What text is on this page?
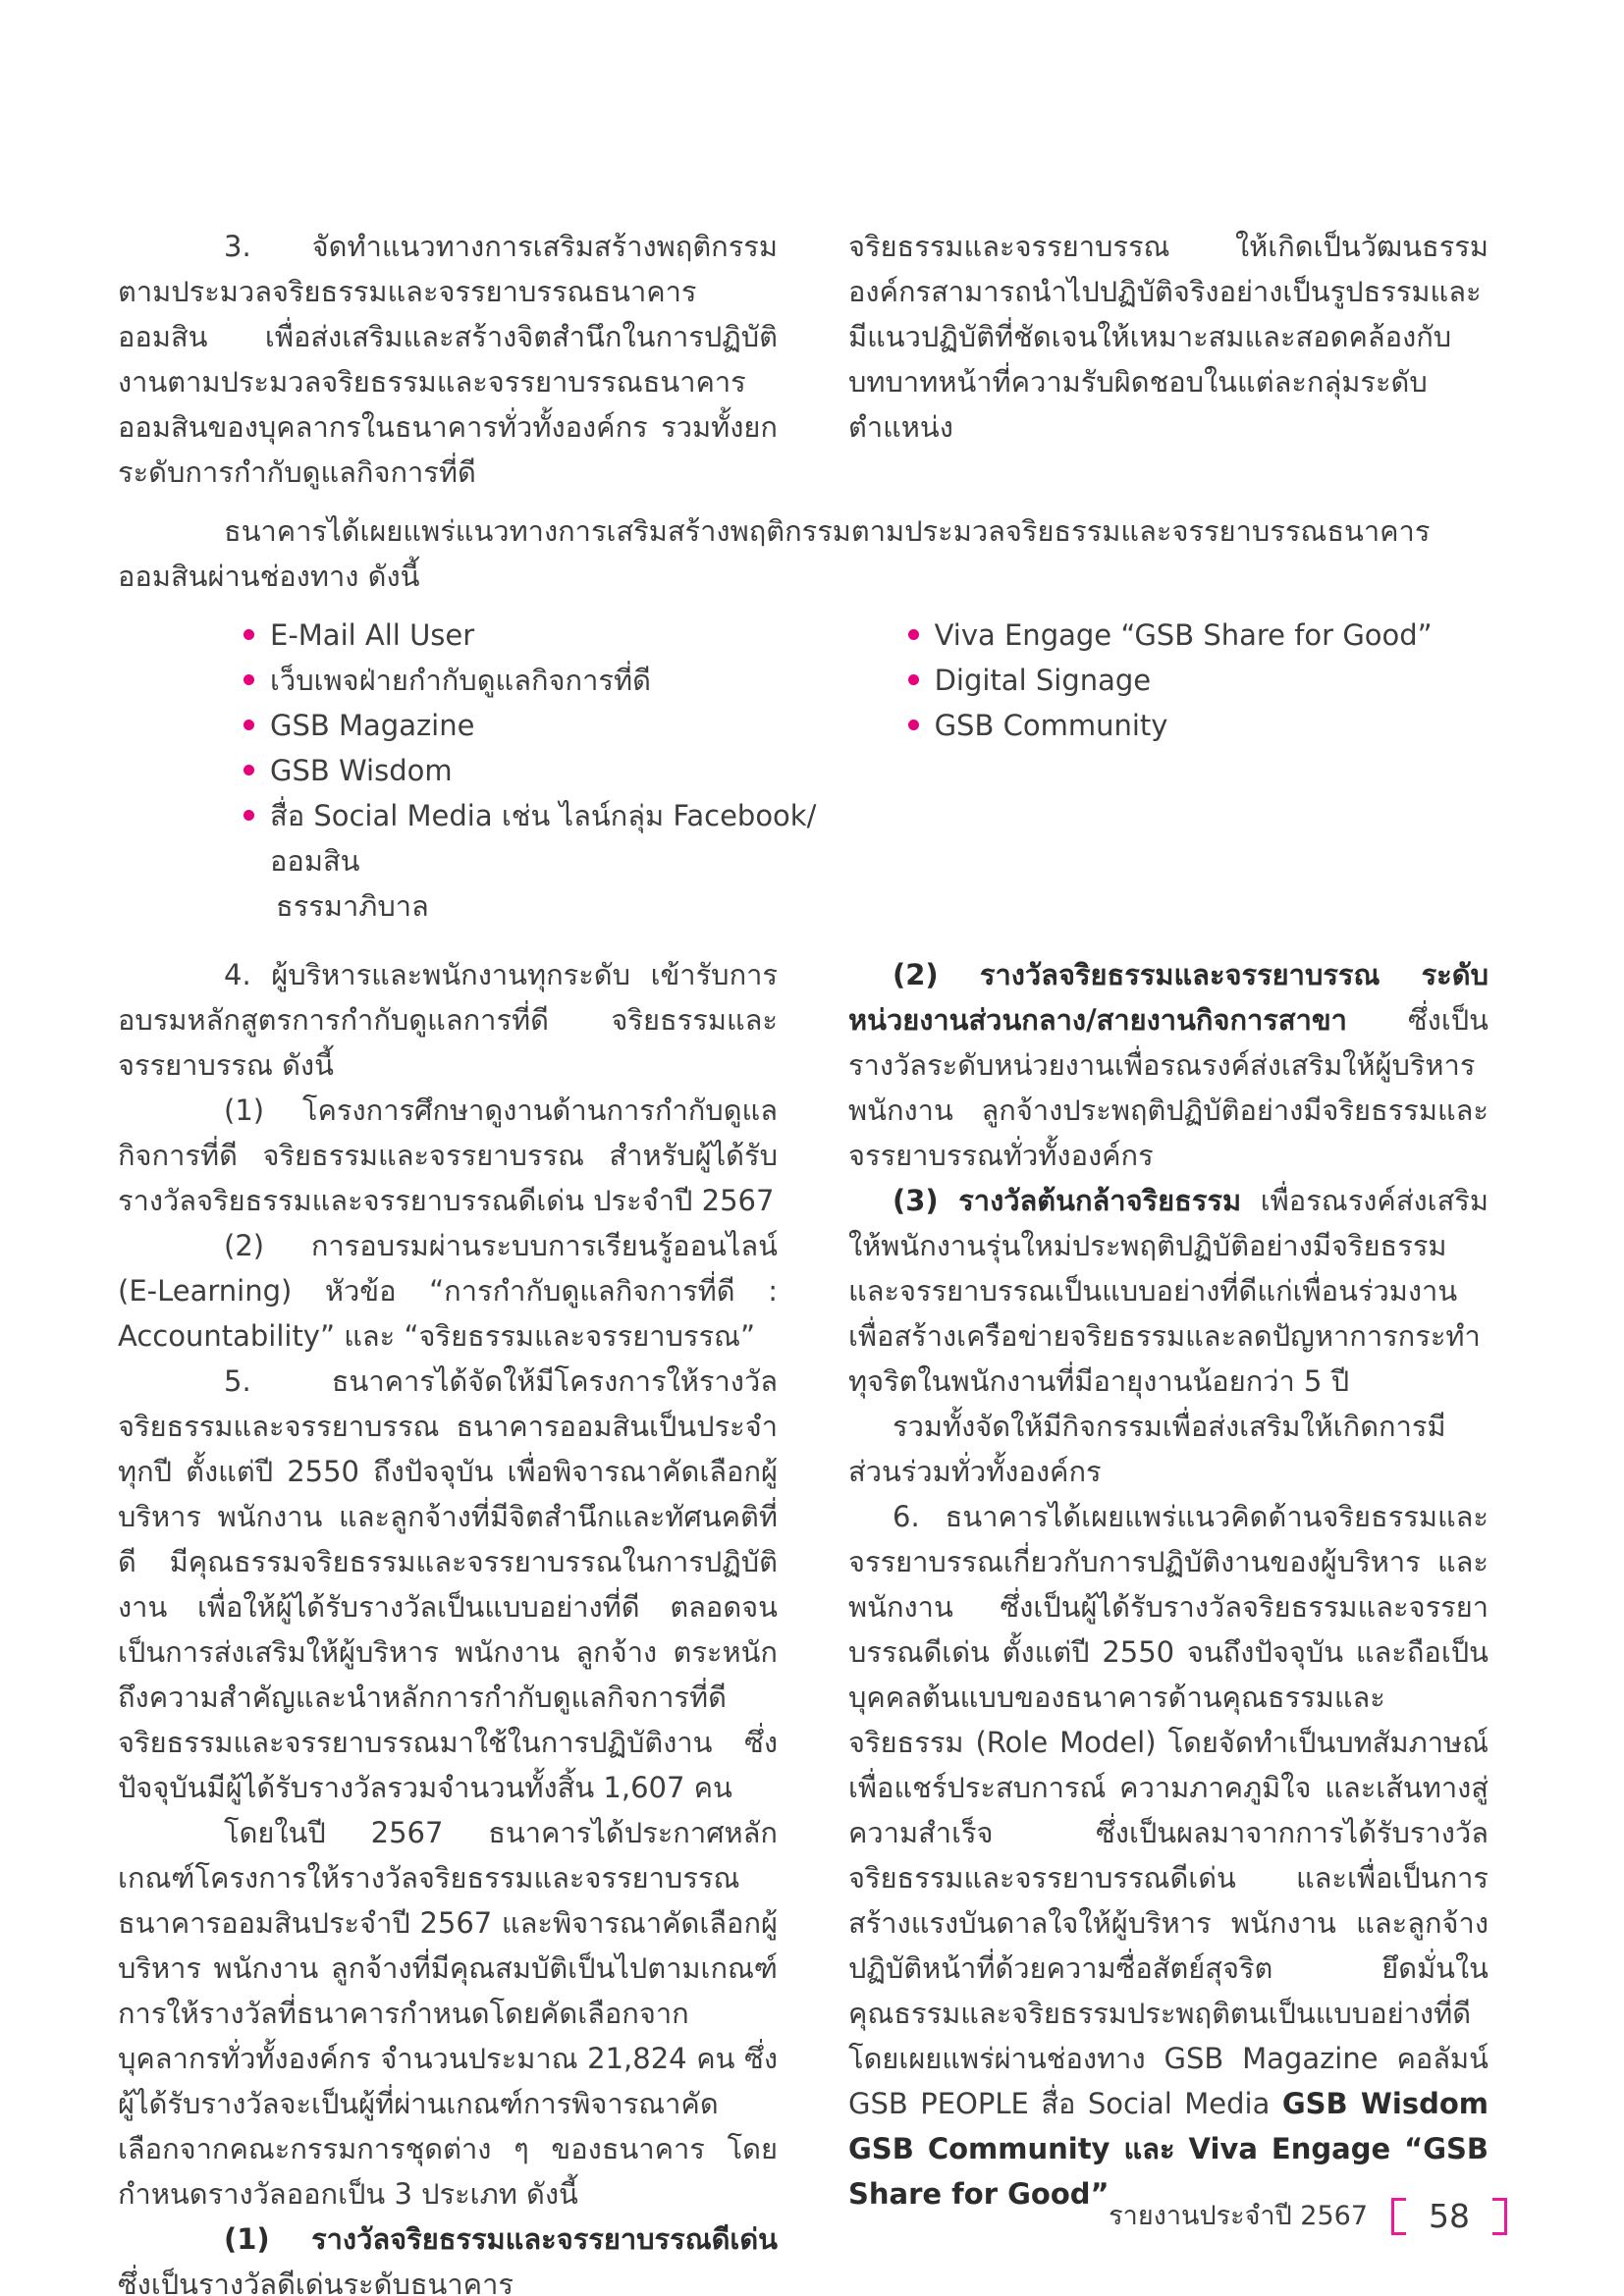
3. จัดทำแนวทางการเสริมสร้างพฤติกรรมตามประมวลจริยธรรมและจรรยาบรรณธนาคารออมสิน เพื่อส่งเสริมและสร้างจิตสำนึกในการปฏิบัติงานตามประมวลจริยธรรมและจรรยาบรรณธนาคารออมสินของบุคลากรในธนาคารทั่วทั้งองค์กร รวมทั้งยกระดับการกำกับดูแลกิจการที่ดี

จริยธรรมและจรรยาบรรณ ให้เกิดเป็นวัฒนธรรมองค์กรสามารถนำไปปฏิบัติจริงอย่างเป็นรูปธรรมและมีแนวปฏิบัติที่ชัดเจนให้เหมาะสมและสอดคล้องกับบทบาทหน้าที่ความรับผิดชอบในแต่ละกลุ่มระดับตำแหน่ง

ธนาคารได้เผยแพร่แนวทางการเสริมสร้างพฤติกรรมตามประมวลจริยธรรมและจรรยาบรรณธนาคารออมสินผ่านช่องทาง ดังนี้

E-Mail All User
เว็บเพจฝ่ายกำกับดูแลกิจการที่ดี
GSB Magazine
GSB Wisdom
สื่อ Social Media เช่น ไลน์กลุ่ม Facebook/ออมสิน
ธรรมาภิบาล
Viva Engage “GSB Share for Good”
Digital Signage
GSB Community

4. ผู้บริหารและพนักงานทุกระดับ เข้ารับการอบรมหลักสูตรการกำกับดูแลการที่ดี จริยธรรมและจรรยาบรรณ ดังนี้

(1) โครงการศึกษาดูงานด้านการกำกับดูแลกิจการที่ดี จริยธรรมและจรรยาบรรณ สำหรับผู้ได้รับรางวัลจริยธรรมและจรรยาบรรณดีเด่น ประจำปี 2567

(2) การอบรมผ่านระบบการเรียนรู้ออนไลน์ (E-Learning) หัวข้อ “การกำกับดูแลกิจการที่ดี : Accountability” และ “จริยธรรมและจรรยาบรรณ”

5. ธนาคารได้จัดให้มีโครงการให้รางวัลจริยธรรมและจรรยาบรรณ ธนาคารออมสินเป็นประจำทุกปี ตั้งแต่ปี 2550 ถึงปัจจุบัน เพื่อพิจารณาคัดเลือกผู้บริหาร พนักงาน และลูกจ้างที่มีจิตสำนึกและทัศนคติที่ดี มีคุณธรรมจริยธรรมและจรรยาบรรณในการปฏิบัติงาน เพื่อให้ผู้ได้รับรางวัลเป็นแบบอย่างที่ดี ตลอดจนเป็นการส่งเสริมให้ผู้บริหาร พนักงาน ลูกจ้าง ตระหนักถึงความสำคัญและนำหลักการกำกับดูแลกิจการที่ดี จริยธรรมและจรรยาบรรณมาใช้ในการปฏิบัติงาน ซึ่งปัจจุบันมีผู้ได้รับรางวัลรวมจำนวนทั้งสิ้น 1,607 คน

โดยในปี 2567 ธนาคารได้ประกาศหลักเกณฑ์โครงการให้รางวัลจริยธรรมและจรรยาบรรณธนาคารออมสินประจำปี 2567 และพิจารณาคัดเลือกผู้บริหาร พนักงาน ลูกจ้างที่มีคุณสมบัติเป็นไปตามเกณฑ์การให้รางวัลที่ธนาคารกำหนดโดยคัดเลือกจากบุคลากรทั่วทั้งองค์กร จำนวนประมาณ 21,824 คน ซึ่งผู้ได้รับรางวัลจะเป็นผู้ที่ผ่านเกณฑ์การพิจารณาคัดเลือกจากคณะกรรมการชุดต่าง ๆ ของธนาคาร โดยกำหนดรางวัลออกเป็น 3 ประเภท ดังนี้

(1) รางวัลจริยธรรมและจรรยาบรรณดีเด่น ซึ่งเป็นรางวัลดีเด่นระดับธนาคาร

(2) รางวัลจริยธรรมและจรรยาบรรณ ระดับหน่วยงานส่วนกลาง/สายงานกิจการสาขา ซึ่งเป็นรางวัลระดับหน่วยงานเพื่อรณรงค์ส่งเสริมให้ผู้บริหาร พนักงาน ลูกจ้างประพฤติปฏิบัติอย่างมีจริยธรรมและจรรยาบรรณทั่วทั้งองค์กร

(3) รางวัลต้นกล้าจริยธรรม เพื่อรณรงค์ส่งเสริมให้พนักงานรุ่นใหม่ประพฤติปฏิบัติอย่างมีจริยธรรมและจรรยาบรรณเป็นแบบอย่างที่ดีแก่เพื่อนร่วมงาน เพื่อสร้างเครือข่ายจริยธรรมและลดปัญหาการกระทำทุจริตในพนักงานที่มีอายุงานน้อยกว่า 5 ปี

รวมทั้งจัดให้มีกิจกรรมเพื่อส่งเสริมให้เกิดการมีส่วนร่วมทั่วทั้งองค์กร

6. ธนาคารได้เผยแพร่แนวคิดด้านจริยธรรมและจรรยาบรรณเกี่ยวกับการปฏิบัติงานของผู้บริหาร และพนักงาน ซึ่งเป็นผู้ได้รับรางวัลจริยธรรมและจรรยาบรรณดีเด่น ตั้งแต่ปี 2550 จนถึงปัจจุบัน และถือเป็นบุคคลต้นแบบของธนาคารด้านคุณธรรมและจริยธรรม (Role Model) โดยจัดทำเป็นบทสัมภาษณ์ เพื่อแชร์ประสบการณ์ ความภาคภูมิใจ และเส้นทางสู่ความสำเร็จ ซึ่งเป็นผลมาจากการได้รับรางวัลจริยธรรมและจรรยาบรรณดีเด่น และเพื่อเป็นการสร้างแรงบันดาลใจให้ผู้บริหาร พนักงาน และลูกจ้าง ปฏิบัติหน้าที่ด้วยความซื่อสัตย์สุจริต ยึดมั่นในคุณธรรมและจริยธรรมประพฤติตนเป็นแบบอย่างที่ดี โดยเผยแพร่ผ่านช่องทาง GSB Magazine คอลัมน์ GSB PEOPLE สื่อ Social Media GSB Wisdom GSB Community และ Viva Engage “GSB Share for Good”

รายงานประจำปี 2567	58
